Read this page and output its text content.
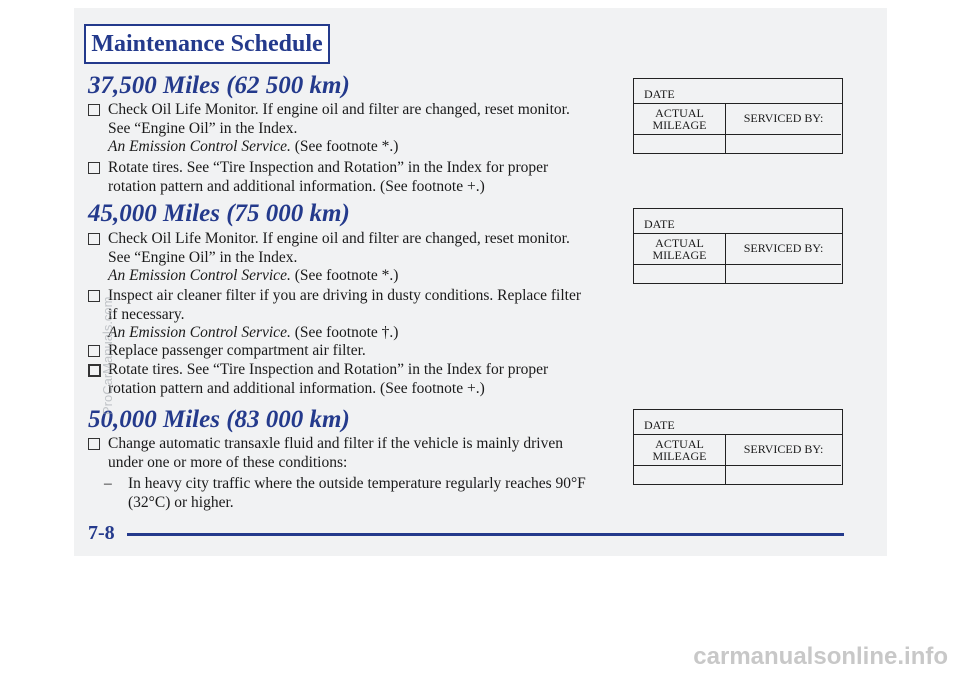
Maintenance Schedule
37,500 Miles (62 500 km)
Check Oil Life Monitor. If engine oil and filter are changed, reset monitor.
See “Engine Oil” in the Index.
An Emission Control Service. (See footnote *.)
Rotate tires. See “Tire Inspection and Rotation” in the Index for proper
rotation pattern and additional information. (See footnote +.)
45,000 Miles (75 000 km)
Check Oil Life Monitor. If engine oil and filter are changed, reset monitor.
See “Engine Oil” in the Index.
An Emission Control Service. (See footnote *.)
Inspect air cleaner filter if you are driving in dusty conditions. Replace filter
if necessary.
An Emission Control Service. (See footnote †.)
Replace passenger compartment air filter.
Rotate tires. See “Tire Inspection and Rotation” in the Index for proper
rotation pattern and additional information. (See footnote +.)
50,000 Miles (83 000 km)
Change automatic transaxle fluid and filter if the vehicle is mainly driven
under one or more of these conditions:
– In heavy city traffic where the outside temperature regularly reaches 90°F
(32°C) or higher.
DATE
ACTUAL
MILEAGE	SERVICED BY:
DATE
ACTUAL
MILEAGE	SERVICED BY:
DATE
ACTUAL
MILEAGE	SERVICED BY:
7-8
ProCarManuals.com
carmanualsonline.info
